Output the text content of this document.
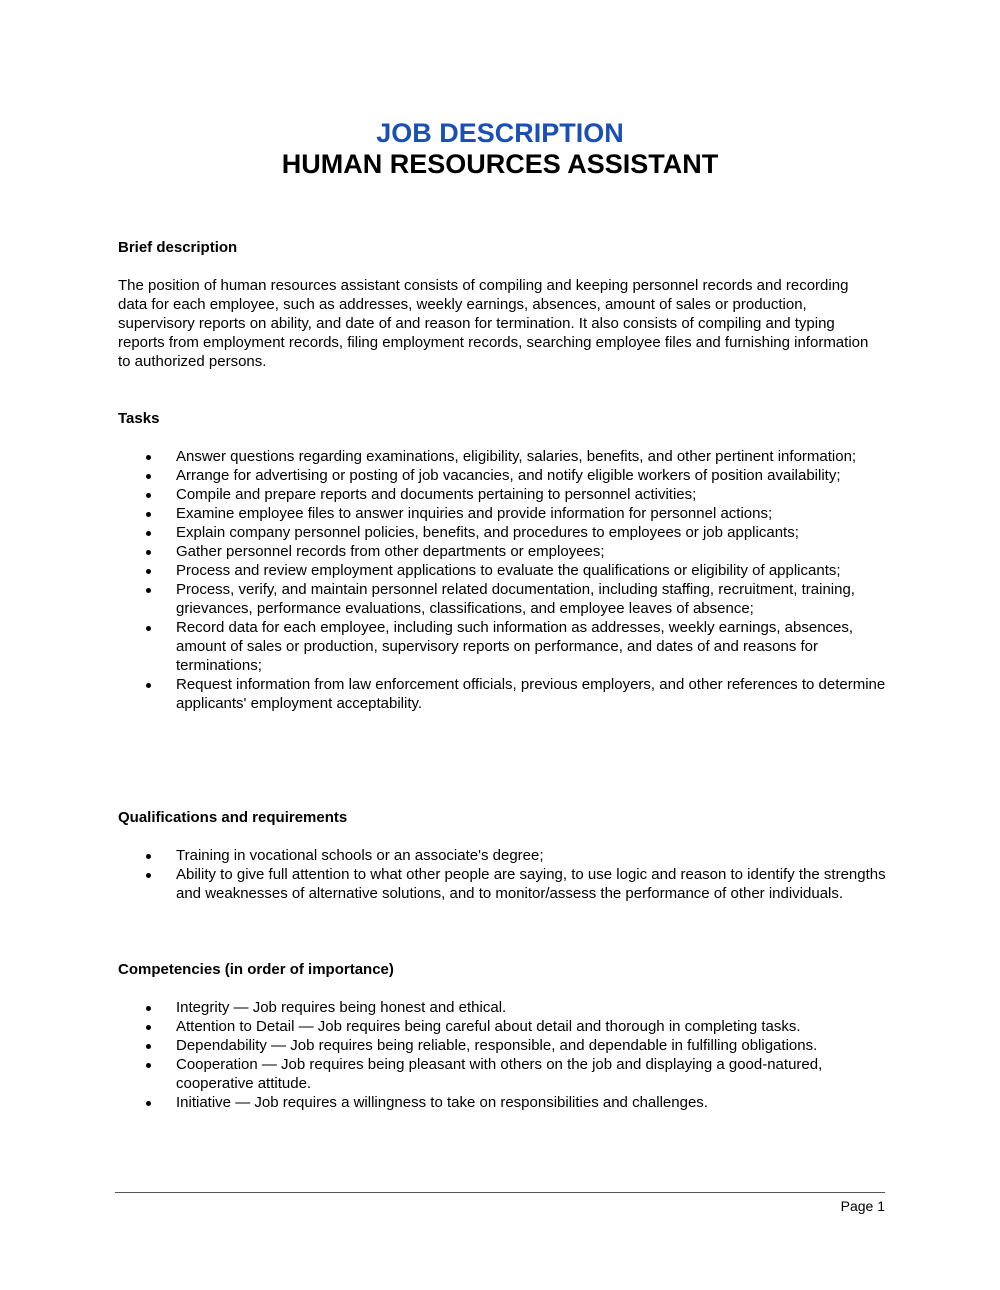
JOB DESCRIPTION
HUMAN RESOURCES ASSISTANT
Brief description
The position of human resources assistant consists of compiling and keeping personnel records and recording data for each employee, such as addresses, weekly earnings, absences, amount of sales or production, supervisory reports on ability, and date of and reason for termination. It also consists of compiling and typing reports from employment records, filing employment records, searching employee files and furnishing information to authorized persons.
Tasks
Answer questions regarding examinations, eligibility, salaries, benefits, and other pertinent information;
Arrange for advertising or posting of job vacancies, and notify eligible workers of position availability;
Compile and prepare reports and documents pertaining to personnel activities;
Examine employee files to answer inquiries and provide information for personnel actions;
Explain company personnel policies, benefits, and procedures to employees or job applicants;
Gather personnel records from other departments or employees;
Process and review employment applications to evaluate the qualifications or eligibility of applicants;
Process, verify, and maintain personnel related documentation, including staffing, recruitment, training, grievances, performance evaluations, classifications, and employee leaves of absence;
Record data for each employee, including such information as addresses, weekly earnings, absences, amount of sales or production, supervisory reports on performance, and dates of and reasons for terminations;
Request information from law enforcement officials, previous employers, and other references to determine applicants' employment acceptability.
Qualifications and requirements
Training in vocational schools or an associate's degree;
Ability to give full attention to what other people are saying, to use logic and reason to identify the strengths and weaknesses of alternative solutions, and to monitor/assess the performance of other individuals.
Competencies (in order of importance)
Integrity — Job requires being honest and ethical.
Attention to Detail — Job requires being careful about detail and thorough in completing tasks.
Dependability — Job requires being reliable, responsible, and dependable in fulfilling obligations.
Cooperation — Job requires being pleasant with others on the job and displaying a good-natured, cooperative attitude.
Initiative — Job requires a willingness to take on responsibilities and challenges.
Page 1
